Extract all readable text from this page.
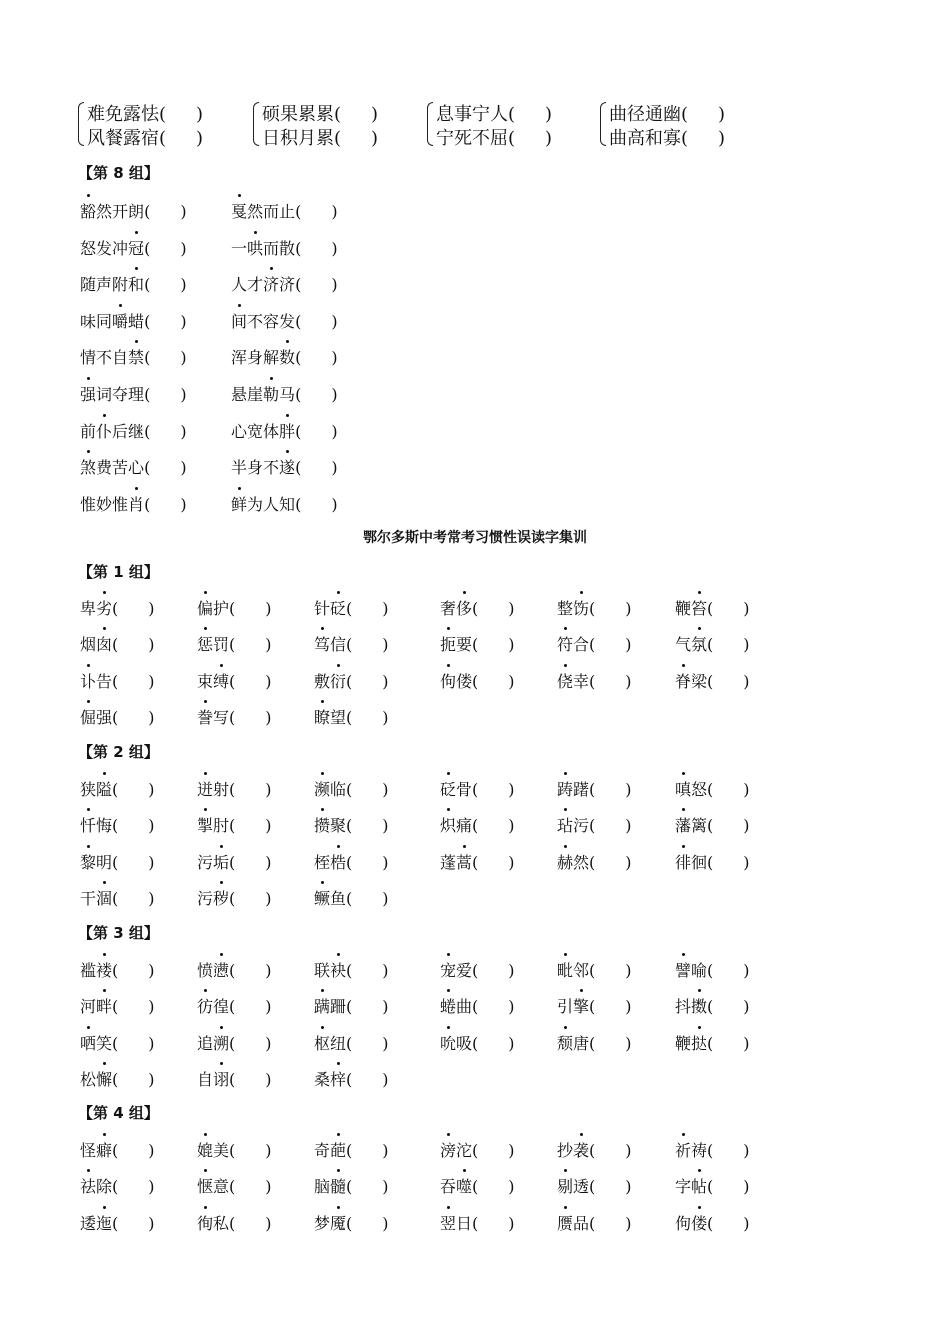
难免露怯( )
风餐露宿( )
硕果累累( )
日积月累( )
息事宁人( )
宁死不屈( )
曲径通幽( )
曲高和寡( )
【第 8 组】
豁然开朗( )	戛然而止( )
怒发冲冠( )	一哄而散( )
随声附和( )	人才济济( )
味同嚼蜡( )	间不容发( )
情不自禁( )	浑身解数( )
强词夺理( )	悬崖勒马( )
前仆后继( )	心宽体胖( )
煞费苦心( )	半身不遂( )
惟妙惟肖( )	鲜为人知( )
鄂尔多斯中考常考习惯性误读字集训
【第 1 组】
卑劣( )	偏护( )	针砭( )	奢侈( )	整饬( )	鞭笞( )
烟囱( )	惩罚( )	笃信( )	扼要( )	符合( )	气氛( )
讣告( )	束缚( )	敷衍( )	佝偻( )	侥幸( )	脊梁( )
倔强( )	誊写( )	瞭望( )
【第 2 组】
狭隘( )	迸射( )	濒临( )	砭骨( )	踌躇( )	嗔怒( )
忏悔( )	掣肘( )	攒聚( )	炽痛( )	玷污( )	藩篱( )
黎明( )	污垢( )	桎梏( )	蓬蒿( )	赫然( )	徘徊( )
干涸( )	污秽( )	鳜鱼( )
【第 3 组】
褴褛( )	愤懑( )	联袂( )	宠爱( )	毗邻( )	譬喻( )
河畔( )	彷徨( )	蹒跚( )	蜷曲( )	引擎( )	抖擞( )
哂笑( )	追溯( )	枢纽( )	吮吸( )	颓唐( )	鞭挞( )
松懈( )	自诩( )	桑梓( )
【第 4 组】
怪癖( )	媲美( )	奇葩( )	滂沱( )	抄袭( )	祈祷( )
祛除( )	惬意( )	脑髓( )	吞噬( )	剔透( )	字帖( )
逶迤( )	徇私( )	梦魇( )	翌日( )	赝品( )	佝偻( )
